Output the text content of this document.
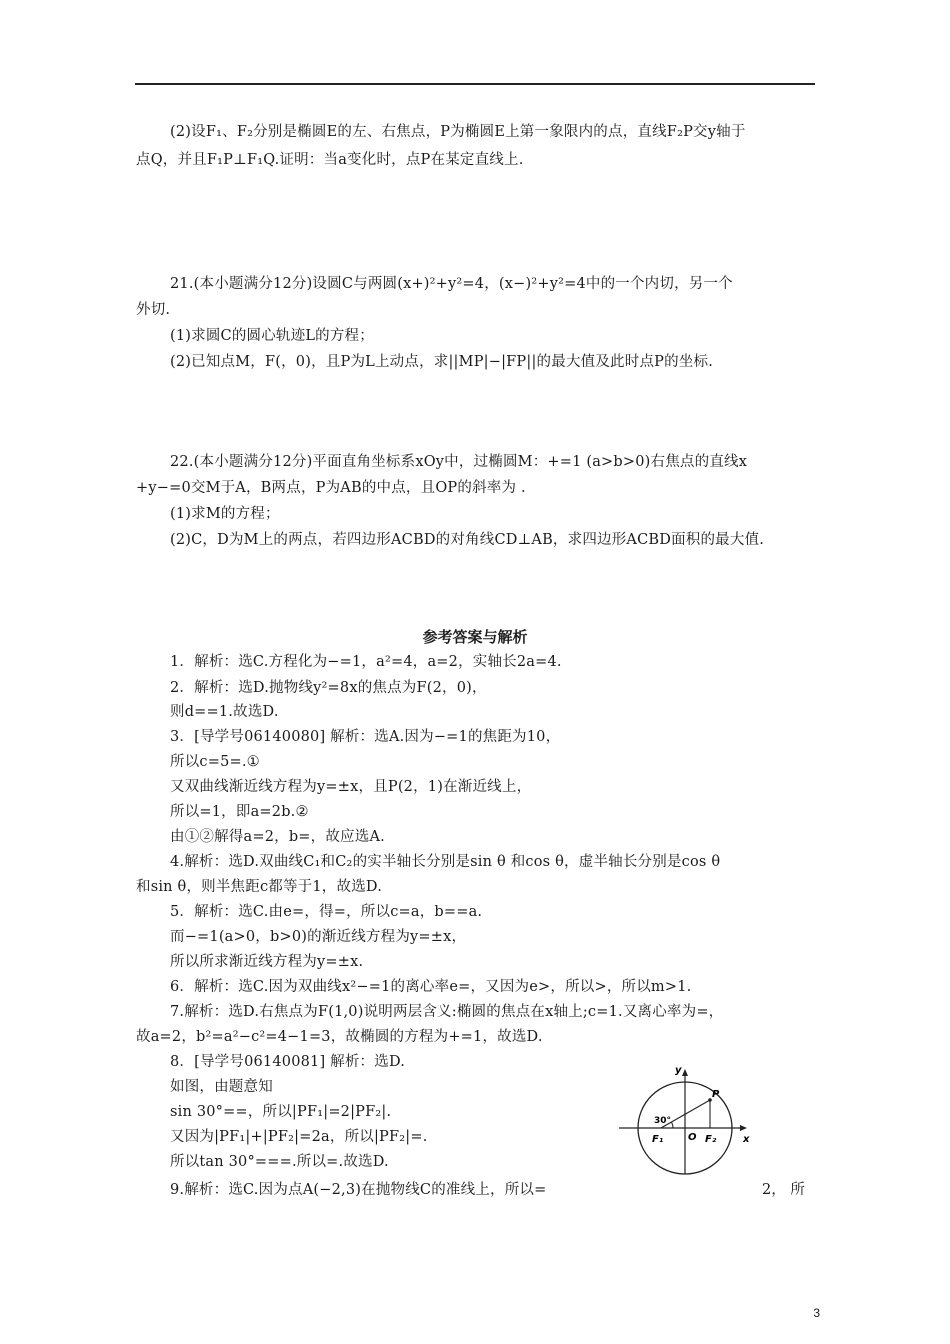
(2)设F₁、F₂分别是椭圆E的左、右焦点，P为椭圆E上第一象限内的点，直线F₂P交y轴于
点Q，并且F₁P⊥F₁Q.证明：当a变化时，点P在某定直线上.
21.(本小题满分12分)设圆C与两圆(x+)²+y²=4，(x−)²+y²=4中的一个内切，另一个
外切.
(1)求圆C的圆心轨迹L的方程；
(2)已知点M，F(，0)，且P为L上动点，求||MP|−|FP||的最大值及此时点P的坐标.
22.(本小题满分12分)平面直角坐标系xOy中，过椭圆M：+=1 (a>b>0)右焦点的直线x
+y−=0交M于A，B两点，P为AB的中点，且OP的斜率为 .
(1)求M的方程；
(2)C，D为M上的两点，若四边形ACBD的对角线CD⊥AB，求四边形ACBD面积的最大值.
参考答案与解析
1．解析：选C.方程化为−=1，a²=4，a=2，实轴长2a=4.
2．解析：选D.抛物线y²=8x的焦点为F(2，0)，
则d==1.故选D.
3．[导学号06140080] 解析：选A.因为−=1的焦距为10，
所以c=5=.①
又双曲线渐近线方程为y=±x，且P(2，1)在渐近线上，
所以=1，即a=2b.②
由①②解得a=2，b=，故应选A.
4.解析：选D.双曲线C₁和C₂的实半轴长分别是sin θ 和cos θ，虚半轴长分别是cos θ
和sin θ，则半焦距c都等于1，故选D.
5．解析：选C.由e=，得=，所以c=a，b==a.
而−=1(a>0，b>0)的渐近线方程为y=±x，
所以所求渐近线方程为y=±x.
6．解析：选C.因为双曲线x²−=1的离心率e=，又因为e>，所以>，所以m>1.
7.解析：选D.右焦点为F(1,0)说明两层含义:椭圆的焦点在x轴上;c=1.又离心率为=，
故a=2，b²=a²−c²=4−1=3，故椭圆的方程为+=1，故选D.
8．[导学号06140081] 解析：选D.
如图，由题意知
sin 30°==，所以|PF₁|=2|PF₂|.
又因为|PF₁|+|PF₂|=2a，所以|PF₂|=.
所以tan 30°===.所以=.故选D.
9.解析：选C.因为点A(−2,3)在抛物线C的准线上，所以=	2， 所
y
x
P
30°
F₁ O F₂
3
